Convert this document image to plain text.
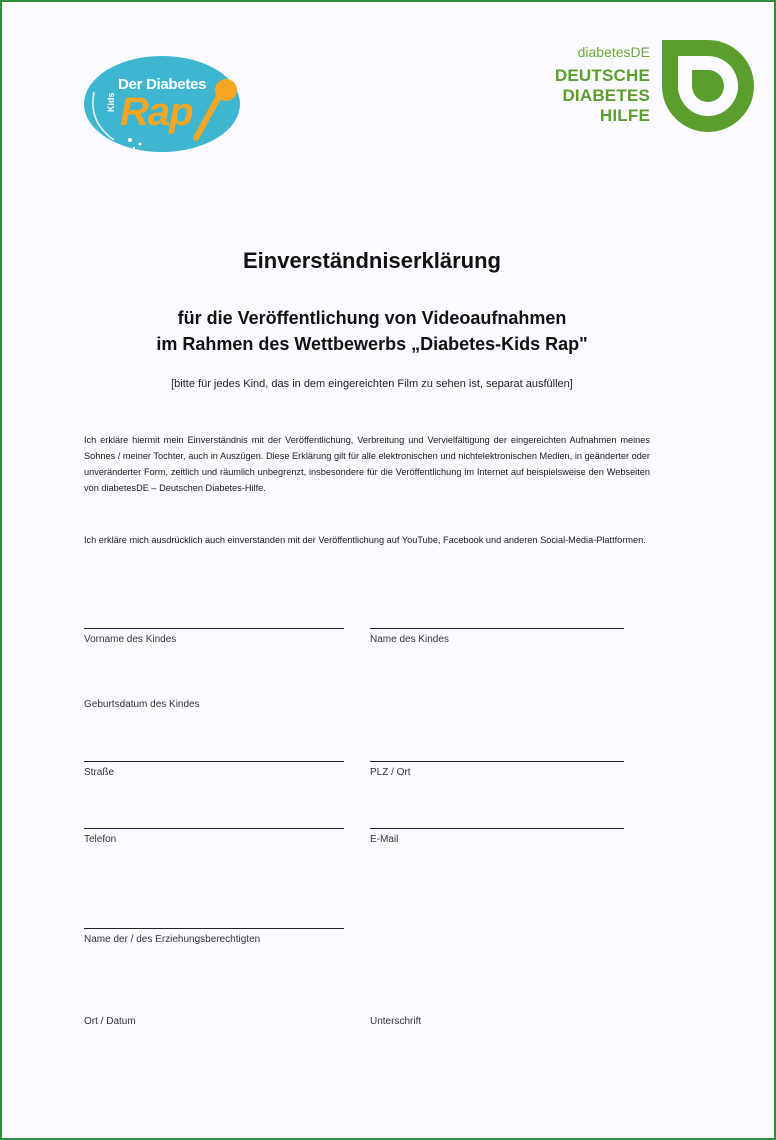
Der Diabetes
Kids Rap
diabetesDE
DEUTSCHE
DIABETES
HILFE
Einverständniserklärung
für die Veröffentlichung von Videoaufnahmen
im Rahmen des Wettbewerbs „Diabetes-Kids Rap"
[bitte für jedes Kind, das in dem eingereichten Film zu sehen ist, separat ausfüllen]
Ich erkläre hiermit mein Einverständnis mit der Veröffentlichung, Verbreitung und Vervielfältigung der eingereichten Aufnahmen meines Sohnes / meiner Tochter, auch in Auszügen. Diese Erklärung gilt für alle elektronischen und nichtelektronischen Medien, in geänderter oder unveränderter Form, zeitlich und räumlich unbegrenzt, insbesondere für die Veröffentlichung im Internet auf beispielsweise den Webseiten von diabetesDE – Deutschen Diabetes-Hilfe.
Ich erkläre mich ausdrücklich auch einverstanden mit der Veröffentlichung auf YouTube, Facebook und anderen Social-Media-Plattformen.
Vorname des Kindes	Name des Kindes
Geburtsdatum des Kindes
Straße	PLZ / Ort
Telefon	E-Mail
Name der / des Erziehungsberechtigten
Ort / Datum	Unterschrift
